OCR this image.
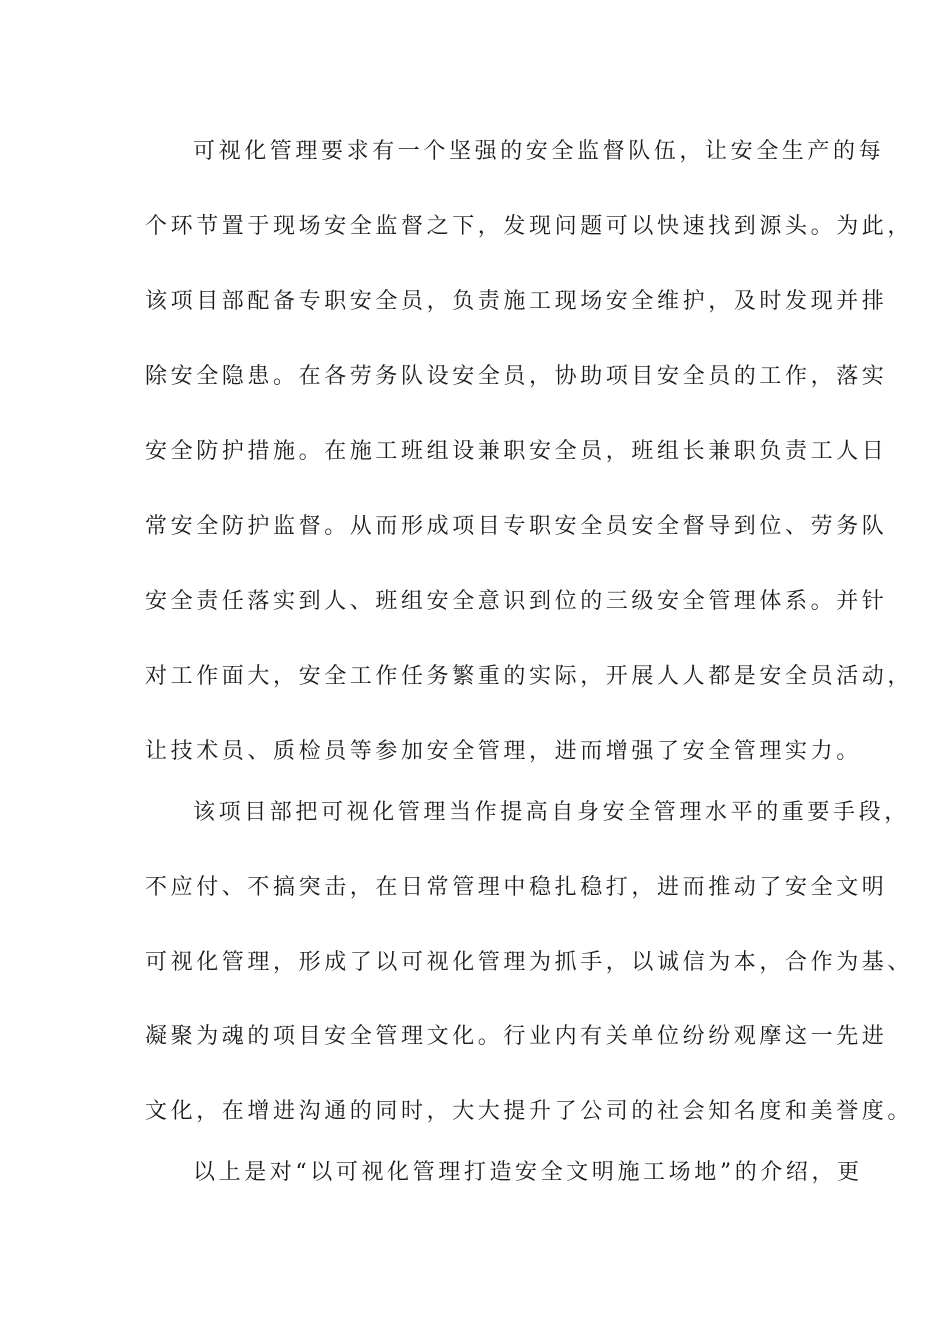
可视化管理要求有一个坚强的安全监督队伍，让安全生产的每
个环节置于现场安全监督之下，发现问题可以快速找到源头。为此，
该项目部配备专职安全员，负责施工现场安全维护，及时发现并排
除安全隐患。在各劳务队设安全员，协助项目安全员的工作，落实
安全防护措施。在施工班组设兼职安全员，班组长兼职负责工人日
常安全防护监督。从而形成项目专职安全员安全督导到位、劳务队
安全责任落实到人、班组安全意识到位的三级安全管理体系。并针
对工作面大，安全工作任务繁重的实际，开展人人都是安全员活动，
让技术员、质检员等参加安全管理，进而增强了安全管理实力。
该项目部把可视化管理当作提高自身安全管理水平的重要手段，
不应付、不搞突击，在日常管理中稳扎稳打，进而推动了安全文明
可视化管理，形成了以可视化管理为抓手，以诚信为本，合作为基、
凝聚为魂的项目安全管理文化。行业内有关单位纷纷观摩这一先进
文化，在增进沟通的同时，大大提升了公司的社会知名度和美誉度。
以上是对“以可视化管理打造安全文明施工场地”的介绍，更
